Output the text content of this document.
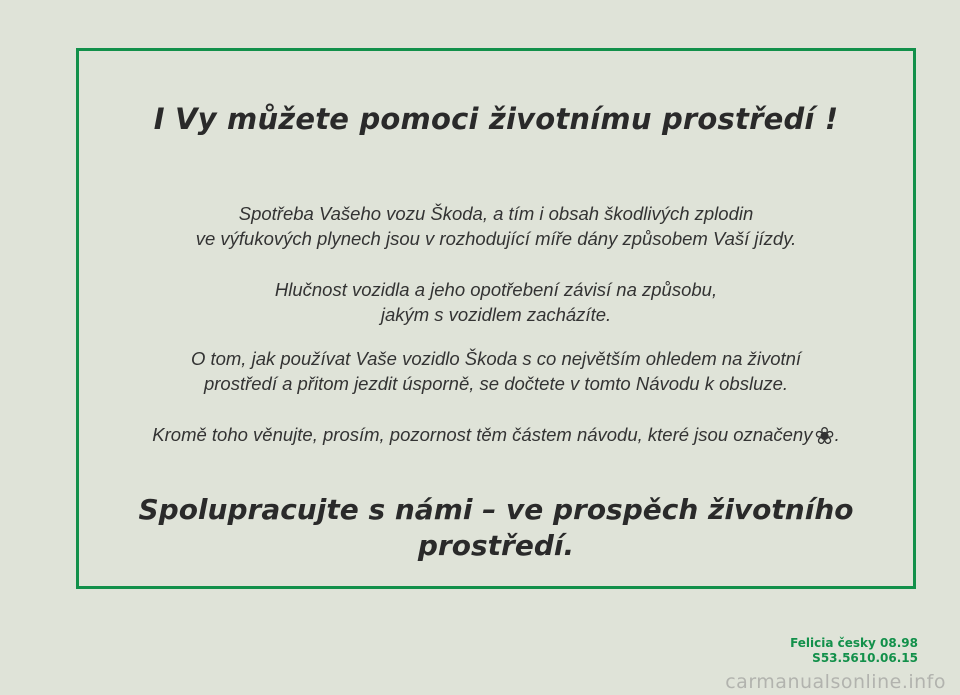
I Vy můžete pomoci životnímu prostředí !
Spotřeba Vašeho vozu Škoda, a tím i obsah škodlivých zplodin
ve výfukových plynech jsou v rozhodující míře dány způsobem Vaší jízdy.
Hlučnost vozidla a jeho opotřebení závisí na způsobu,
jakým s vozidlem zacházíte.
O tom, jak používat Vaše vozidlo Škoda s co největším ohledem na životní
prostředí a přitom jezdit úsporně, se dočtete v tomto Návodu k obsluze.
Kromě toho věnujte, prosím, pozornost těm částem návodu, které jsou označeny❀.
Spolupracujte s námi – ve prospěch životního
prostředí.
Felicia česky 08.98
S53.5610.06.15
carmanualsonline.info
